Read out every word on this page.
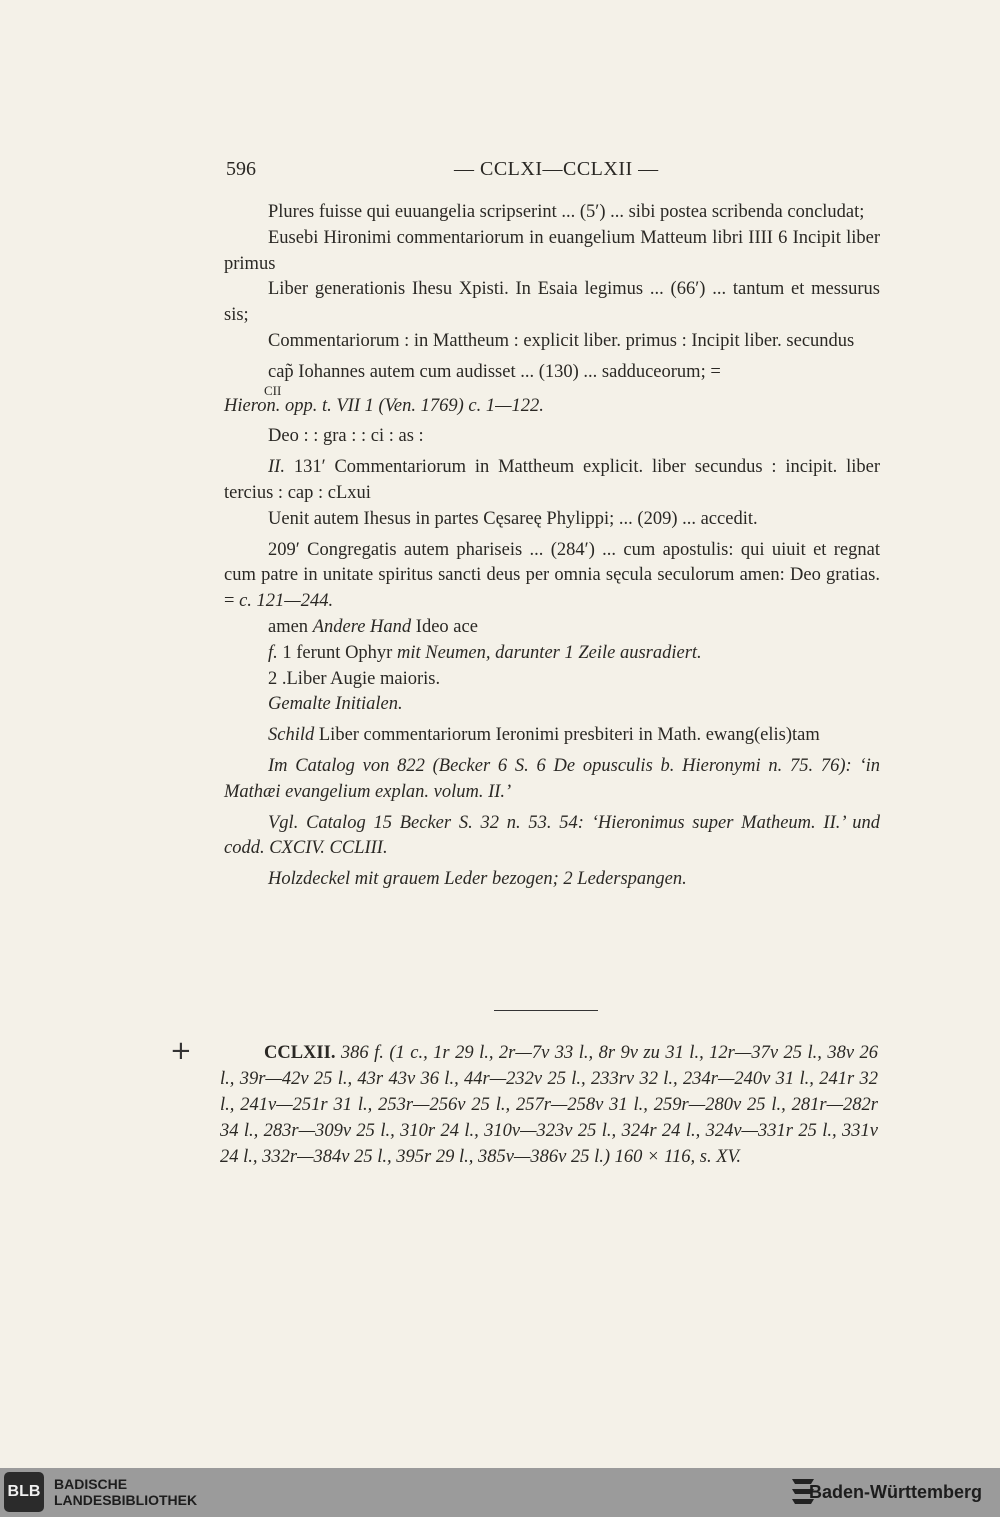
596	— CCLXI—CCLXII —

Plures fuisse qui euuangelia scripserint ... (5′) ... sibi postea scribenda concludat;

Eusebi Hironimi commentariorum in euangelium Matteum libri IIII 6 Incipit liber primus

Liber generationis Ihesu Xpisti. In Esaia legimus ... (66′) ... tantum et messurus sis;

Commentariorum : in Mattheum : explicit liber. primus : Incipit liber. secundus

cap̃ Iohannes autem cum audisset ... (130) ... sadduceorum; =

CII
Hieron. opp. t. VII 1 (Ven. 1769) c. 1—122.

Deo : : gra : : ci : as :

II. 131′ Commentariorum in Mattheum explicit. liber secundus : incipit. liber tercius : cap : cLxui

Uenit autem Ihesus in partes Cęsareę Phylippi; ... (209) ... accedit.

209′ Congregatis autem phariseis ... (284′) ... cum apostulis: qui uiuit et regnat cum patre in unitate spiritus sancti deus per omnia sęcula seculorum amen: Deo gratias. = c. 121—244.

amen Andere Hand Ideo ace

f. 1 ferunt Ophyr mit Neumen, darunter 1 Zeile ausradiert.

2 .Liber Augie maioris.

Gemalte Initialen.

Schild Liber commentariorum Ieronimi presbiteri in Math. ewang(elis)tam

Im Catalog von 822 (Becker 6 S. 6 De opusculis b. Hieronymi n. 75. 76): ‘in Mathæi evangelium explan. volum. II.’

Vgl. Catalog 15 Becker S. 32 n. 53. 54: ‘Hieronimus super Matheum. II.’ und codd. CXCIV. CCLIII.

Holzdeckel mit grauem Leder bezogen; 2 Lederspangen.

+	CCLXII. 386 f. (1 c., 1r 29 l., 2r—7v 33 l., 8r 9v zu 31 l., 12r—37v 25 l., 38v 26 l., 39r—42v 25 l., 43r 43v 36 l., 44r—232v 25 l., 233rv 32 l., 234r—240v 31 l., 241r 32 l., 241v—251r 31 l., 253r—256v 25 l., 257r—258v 31 l., 259r—280v 25 l., 281r—282r 34 l., 283r—309v 25 l., 310r 24 l., 310v—323v 25 l., 324r 24 l., 324v—331r 25 l., 331v 24 l., 332r—384v 25 l., 395r 29 l., 385v—386v 25 l.) 160 × 116, s. XV.

BLB BADISCHE
LANDESBIBLIOTHEK	Baden-Württemberg
